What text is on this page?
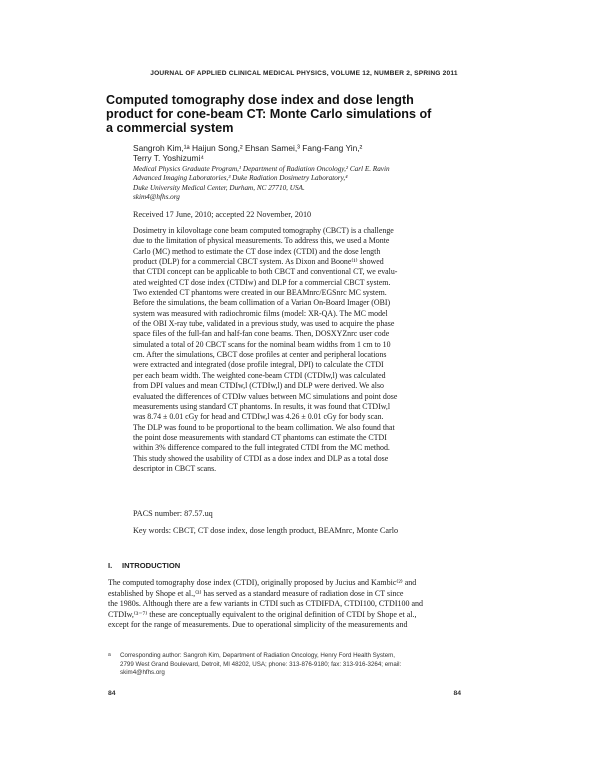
JOURNAL OF APPLIED CLINICAL MEDICAL PHYSICS, VOLUME 12, NUMBER 2, SPRING 2011
Computed tomography dose index and dose length product for cone-beam CT: Monte Carlo simulations of a commercial system

Sangroh Kim,¹ᵃ Haijun Song,² Ehsan Samei,³ Fang-Fang Yin,²

Terry T. Yoshizumi⁴

Medical Physics Graduate Program,¹ Department of Radiation Oncology,² Carl E. Ravin

Advanced Imaging Laboratories,³ Duke Radiation Dosimetry Laboratory,⁴

Duke University Medical Center, Durham, NC 27710, USA.

skim4@hfhs.org

Received 17 June, 2010; accepted 22 November, 2010

Dosimetry in kilovoltage cone beam computed tomography (CBCT) is a challenge

due to the limitation of physical measurements. To address this, we used a Monte

Carlo (MC) method to estimate the CT dose index (CTDI) and the dose length

product (DLP) for a commercial CBCT system. As Dixon and Boone⁽¹⁾ showed

that CTDI concept can be applicable to both CBCT and conventional CT, we evalu-

ated weighted CT dose index (CTDIw) and DLP for a commercial CBCT system.

Two extended CT phantoms were created in our BEAMnrc/EGSnrc MC system.

Before the simulations, the beam collimation of a Varian On-Board Imager (OBI)

system was measured with radiochromic films (model: XR-QA). The MC model

of the OBI X-ray tube, validated in a previous study, was used to acquire the phase

space files of the full-fan and half-fan cone beams. Then, DOSXYZnrc user code

simulated a total of 20 CBCT scans for the nominal beam widths from 1 cm to 10

cm. After the simulations, CBCT dose profiles at center and peripheral locations

were extracted and integrated (dose profile integral, DPI) to calculate the CTDI

per each beam width. The weighted cone-beam CTDI (CTDIw,l) was calculated

from DPI values and mean CTDIw,l (CTDIw,l) and DLP were derived. We also

evaluated the differences of CTDIw values between MC simulations and point dose

measurements using standard CT phantoms. In results, it was found that CTDIw,l

was 8.74 ± 0.01 cGy for head and CTDIw,l was 4.26 ± 0.01 cGy for body scan.

The DLP was found to be proportional to the beam collimation. We also found that

the point dose measurements with standard CT phantoms can estimate the CTDI

within 3% difference compared to the full integrated CTDI from the MC method.

This study showed the usability of CTDI as a dose index and DLP as a total dose

descriptor in CBCT scans.

PACS number: 87.57.uq
Key words: CBCT, CT dose index, dose length product, BEAMnrc, Monte Carlo
I. INTRODUCTION

The computed tomography dose index (CTDI), originally proposed by Jucius and Kambic⁽²⁾ and

established by Shope et al.,⁽³⁾ has served as a standard measure of radiation dose in CT since

the 1980s. Although there are a few variants in CTDI such as CTDIFDA, CTDI100, CTDI100 and

CTDIw,⁽³⁻⁷⁾ these are conceptually equivalent to the original definition of CTDI by Shope et al.,

except for the range of measurements. Due to operational simplicity of the measurements and

a Corresponding author: Sangroh Kim, Department of Radiation Oncology, Henry Ford Health System,

2799 West Grand Boulevard, Detroit, MI 48202, USA; phone: 313-876-9180; fax: 313-916-3264; email:

skim4@hfhs.org

84	84
